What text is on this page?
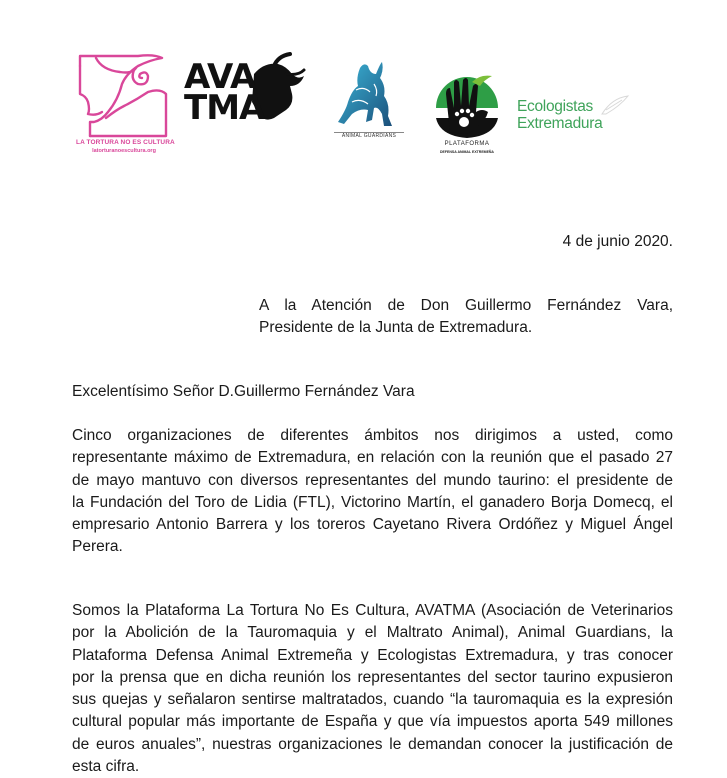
LA TORTURA NO ES CULTURA
latorturanoescultura.org
AVA
TMA
ANIMAL GUARDIANS
PLATAFORMA
DEFENSA ANIMAL EXTREMEÑA
Ecologistas
Extremadura
4 de junio 2020.
A la Atención de Don Guillermo Fernández Vara,
Presidente de la Junta de Extremadura.
Excelentísimo Señor D.Guillermo Fernández Vara
Cinco organizaciones de diferentes ámbitos nos dirigimos a usted, como
representante máximo de Extremadura, en relación con la reunión que el pasado 27
de mayo mantuvo con diversos representantes del mundo taurino: el presidente de
la Fundación del Toro de Lidia (FTL), Victorino Martín, el ganadero Borja Domecq, el
empresario Antonio Barrera y los toreros Cayetano Rivera Ordóñez y Miguel Ángel
Perera.
Somos la Plataforma La Tortura No Es Cultura, AVATMA (Asociación de Veterinarios
por la Abolición de la Tauromaquia y el Maltrato Animal), Animal Guardians, la
Plataforma Defensa Animal Extremeña y Ecologistas Extremadura, y tras conocer
por la prensa que en dicha reunión los representantes del sector taurino expusieron
sus quejas y señalaron sentirse maltratados, cuando “la tauromaquia es la expresión
cultural popular más importante de España y que vía impuestos aporta 549 millones
de euros anuales”, nuestras organizaciones le demandan conocer la justificación de
esta cifra.
